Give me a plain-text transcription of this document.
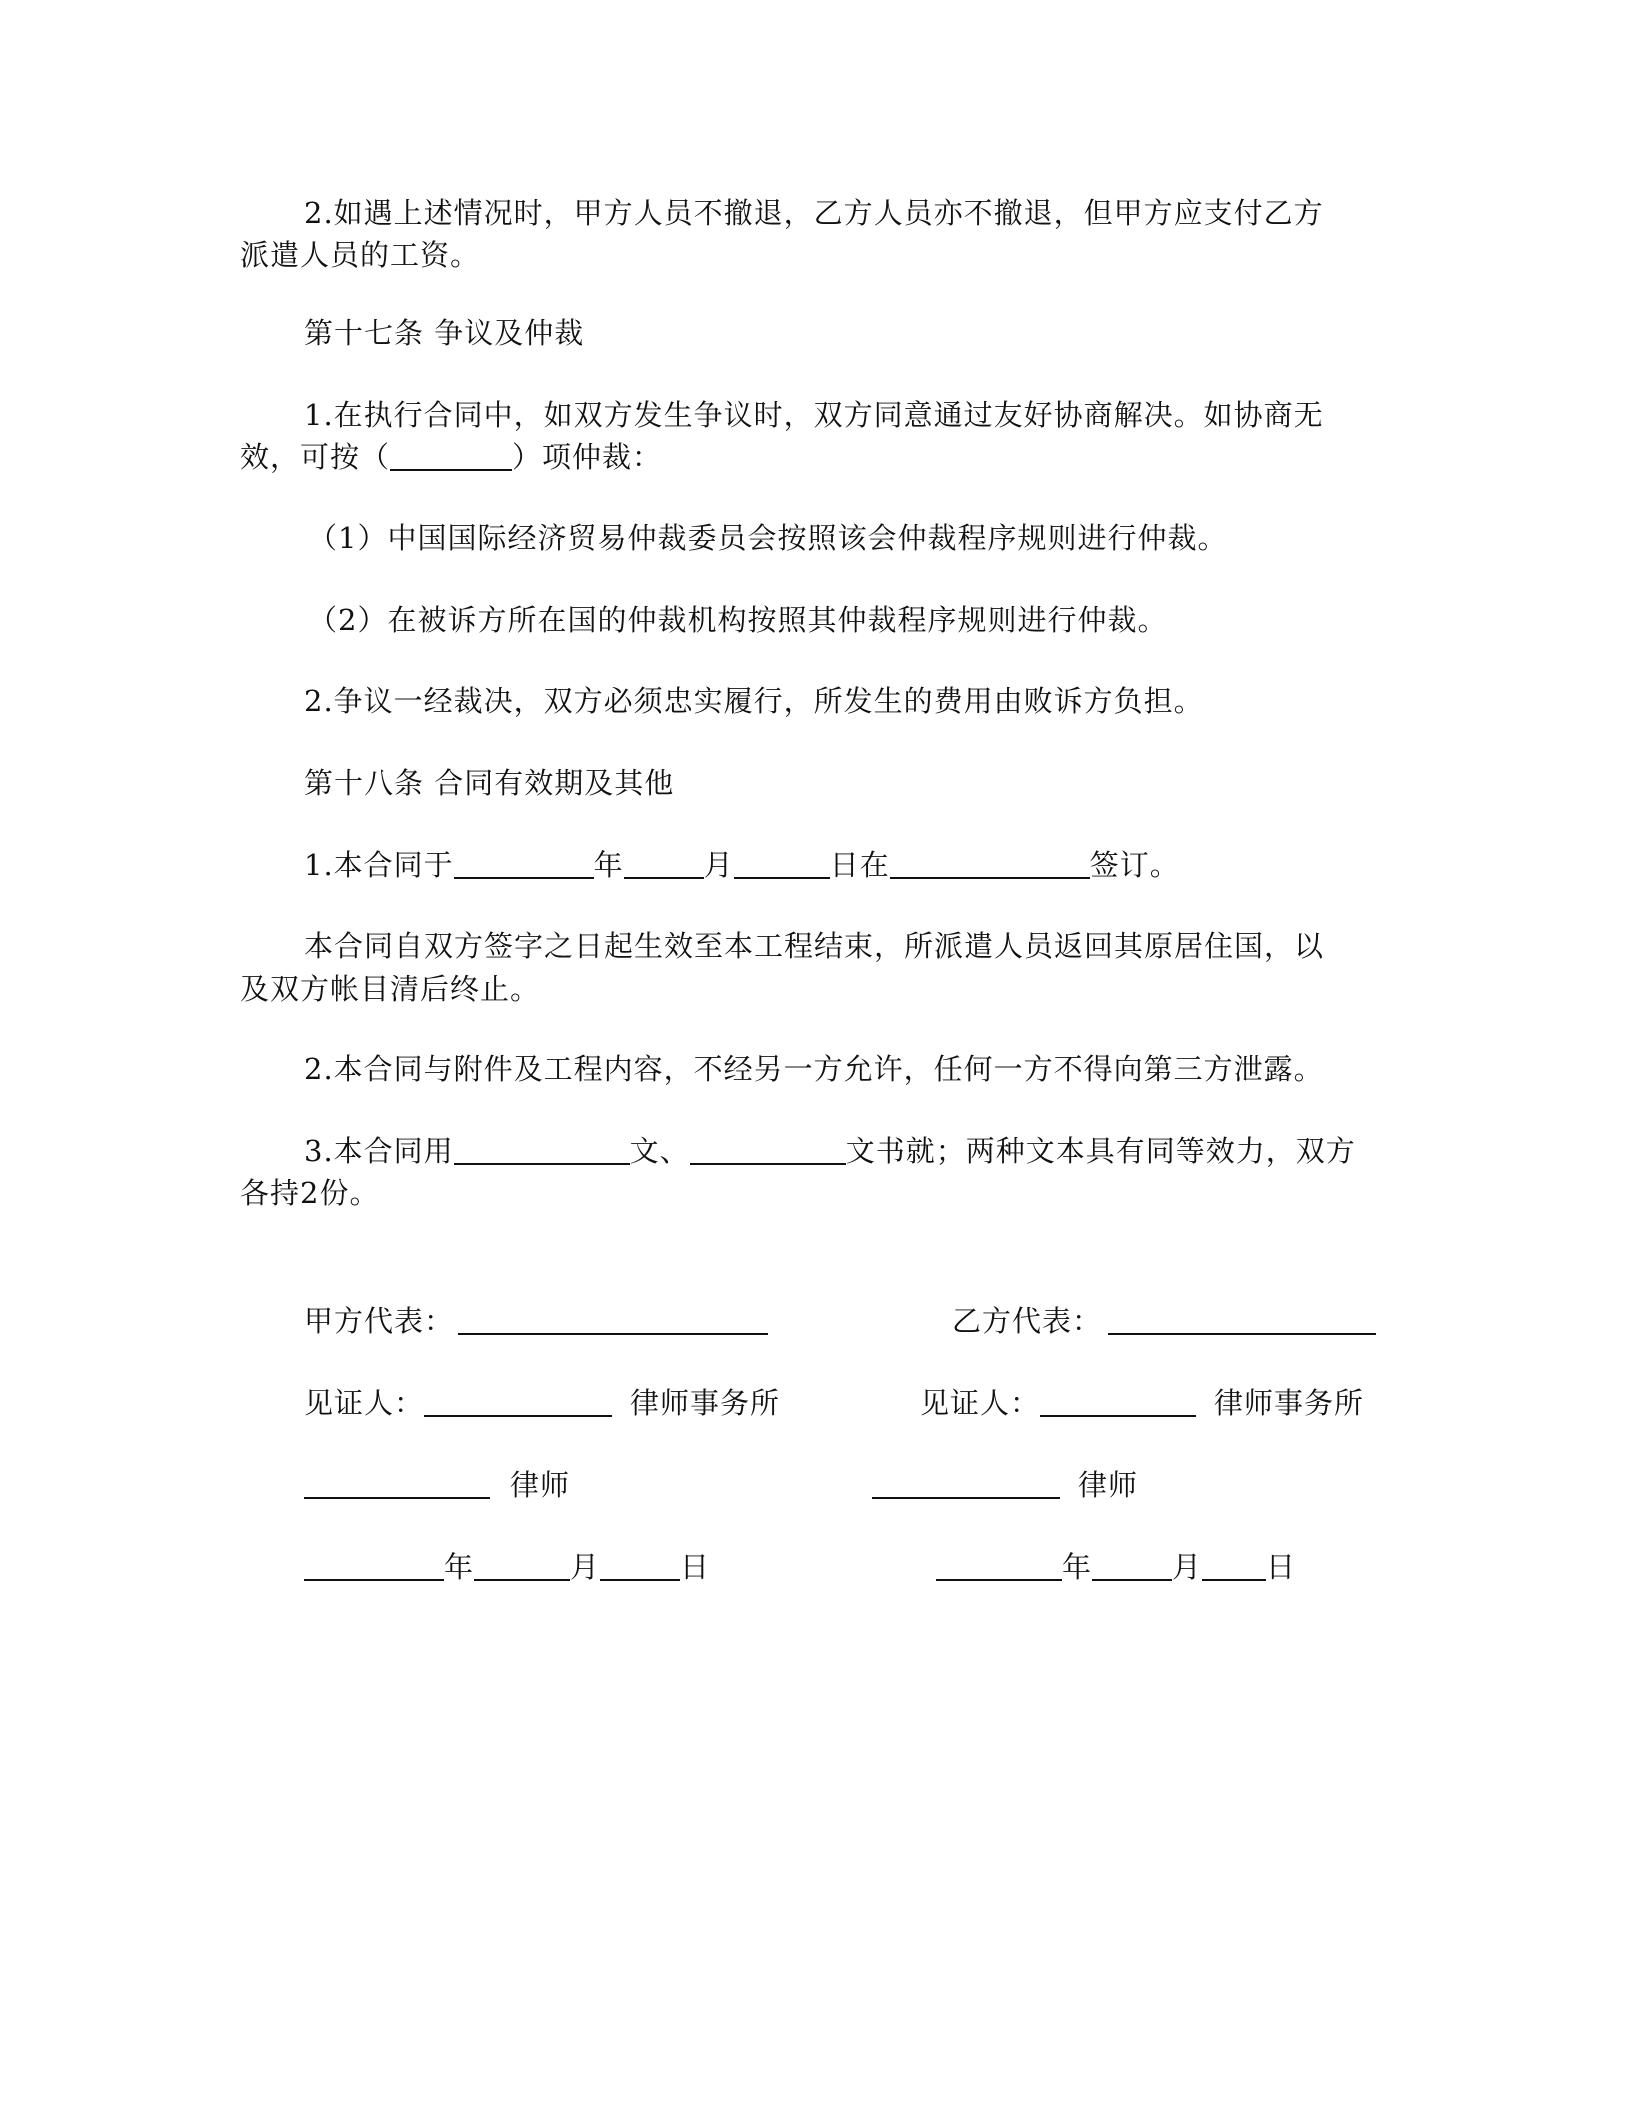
2.如遇上述情况时，甲方人员不撤退，乙方人员亦不撤退，但甲方应支付乙方
派遣人员的工资。
第十七条 争议及仲裁
1.在执行合同中，如双方发生争议时，双方同意通过友好协商解决。如协商无
效，可按（	）项仲裁：
（1）中国国际经济贸易仲裁委员会按照该会仲裁程序规则进行仲裁。
（2）在被诉方所在国的仲裁机构按照其仲裁程序规则进行仲裁。
2.争议一经裁决，双方必须忠实履行，所发生的费用由败诉方负担。
第十八条 合同有效期及其他
1.本合同于	年	月	日在	签订。
本合同自双方签字之日起生效至本工程结束，所派遣人员返回其原居住国，以
及双方帐目清后终止。
2.本合同与附件及工程内容，不经另一方允许，任何一方不得向第三方泄露。
3.本合同用	文、	文书就；两种文本具有同等效力，双方
各持2份。
甲方代表：	乙方代表：
见证人：	律师事务所	见证人：	律师事务所
律师	律师
年	月	日	年	月 日
